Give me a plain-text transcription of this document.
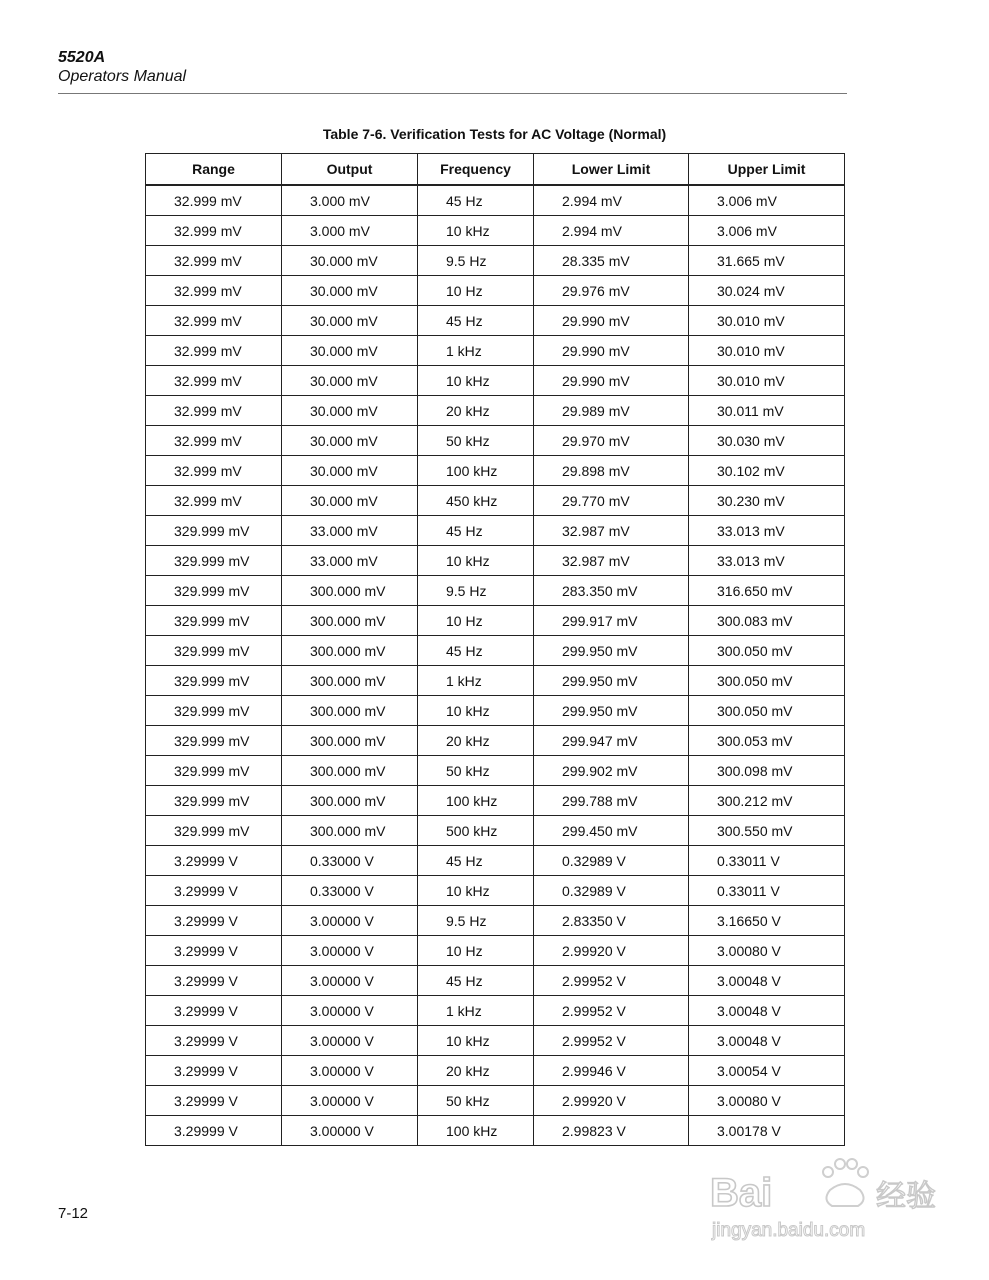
5520A
Operators Manual
Table 7-6. Verification Tests for AC Voltage (Normal)
Range	Output	Frequency	Lower Limit	Upper Limit
32.999 mV	3.000 mV	45 Hz	2.994 mV	3.006 mV
32.999 mV	3.000 mV	10 kHz	2.994 mV	3.006 mV
32.999 mV	30.000 mV	9.5 Hz	28.335 mV	31.665 mV
32.999 mV	30.000 mV	10 Hz	29.976 mV	30.024 mV
32.999 mV	30.000 mV	45 Hz	29.990 mV	30.010 mV
32.999 mV	30.000 mV	1 kHz	29.990 mV	30.010 mV
32.999 mV	30.000 mV	10 kHz	29.990 mV	30.010 mV
32.999 mV	30.000 mV	20 kHz	29.989 mV	30.011 mV
32.999 mV	30.000 mV	50 kHz	29.970 mV	30.030 mV
32.999 mV	30.000 mV	100 kHz	29.898 mV	30.102 mV
32.999 mV	30.000 mV	450 kHz	29.770 mV	30.230 mV
329.999 mV	33.000 mV	45 Hz	32.987 mV	33.013 mV
329.999 mV	33.000 mV	10 kHz	32.987 mV	33.013 mV
329.999 mV	300.000 mV	9.5 Hz	283.350 mV	316.650 mV
329.999 mV	300.000 mV	10 Hz	299.917 mV	300.083 mV
329.999 mV	300.000 mV	45 Hz	299.950 mV	300.050 mV
329.999 mV	300.000 mV	1 kHz	299.950 mV	300.050 mV
329.999 mV	300.000 mV	10 kHz	299.950 mV	300.050 mV
329.999 mV	300.000 mV	20 kHz	299.947 mV	300.053 mV
329.999 mV	300.000 mV	50 kHz	299.902 mV	300.098 mV
329.999 mV	300.000 mV	100 kHz	299.788 mV	300.212 mV
329.999 mV	300.000 mV	500 kHz	299.450 mV	300.550 mV
3.29999 V	0.33000 V	45 Hz	0.32989 V	0.33011 V
3.29999 V	0.33000 V	10 kHz	0.32989 V	0.33011 V
3.29999 V	3.00000 V	9.5 Hz	2.83350 V	3.16650 V
3.29999 V	3.00000 V	10 Hz	2.99920 V	3.00080 V
3.29999 V	3.00000 V	45 Hz	2.99952 V	3.00048 V
3.29999 V	3.00000 V	1 kHz	2.99952 V	3.00048 V
3.29999 V	3.00000 V	10 kHz	2.99952 V	3.00048 V
3.29999 V	3.00000 V	20 kHz	2.99946 V	3.00054 V
3.29999 V	3.00000 V	50 kHz	2.99920 V	3.00080 V
3.29999 V	3.00000 V	100 kHz	2.99823 V	3.00178 V
7-12	Bai du 经验
jingyan.baidu.com
